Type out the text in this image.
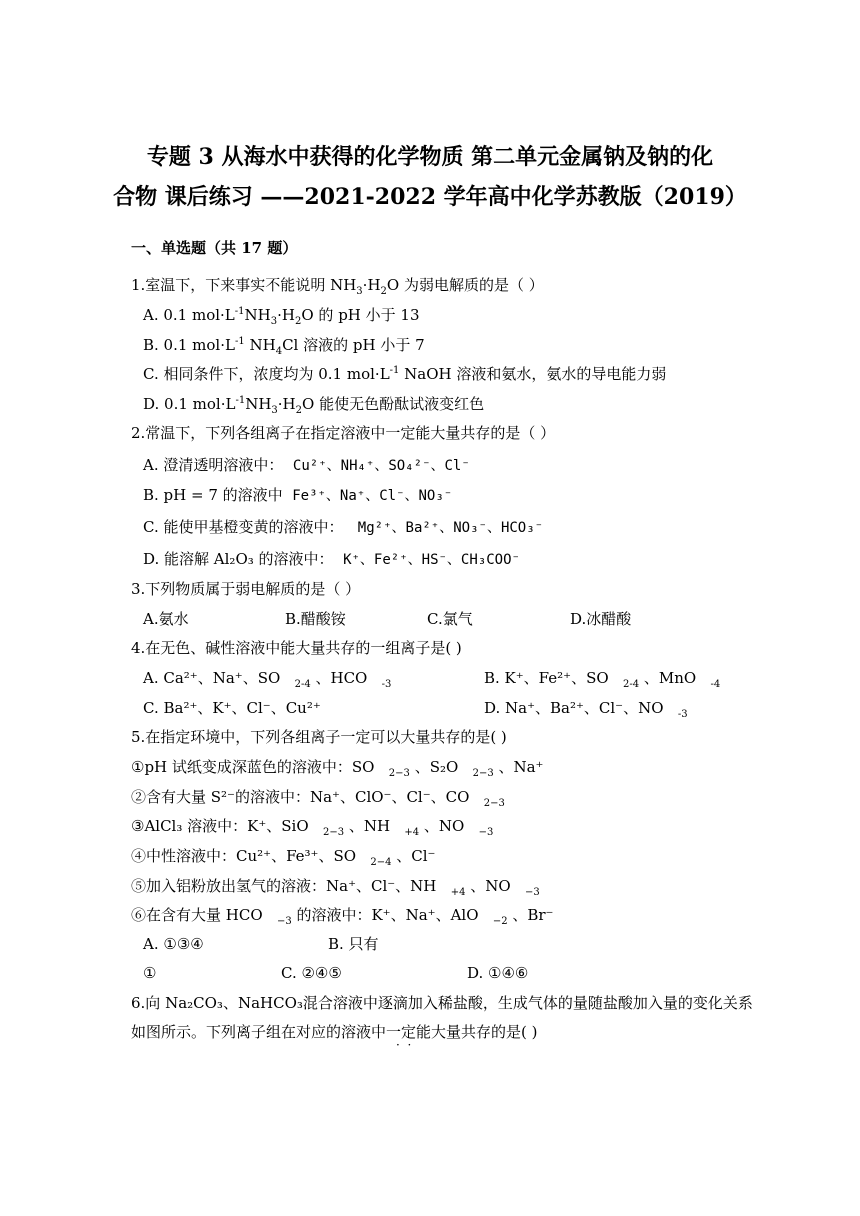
专题 3 从海水中获得的化学物质 第二单元金属钠及钠的化
合物 课后练习 ——2021-2022 学年高中化学苏教版（2019）
一、单选题（共 17 题）
1.室温下，下来事实不能说明 $NH_3\cdot H_2O$ 为弱电解质的是（ ）
A. 0.1 $mol\cdot L^{-1}NH_3\cdot H_2O$ 的 pH 小于 13
B. 0.1 $mol\cdot L^{-1}$ $NH_4Cl$ 溶液的 pH 小于 7
C. 相同条件下，浓度均为 0.1 $mol\cdot L^{-1}$ NaOH 溶液和氨水，氨水的导电能力弱
D. 0.1 $mol\cdot L^{-1}NH_3\cdot H_2O$ 能使无色酚酞试液变红色
2.常温下，下列各组离子在指定溶液中一定能大量共存的是（ ）
A. 澄清透明溶液中： Cu²⁺、NH₄⁺、SO₄²⁻、Cl⁻
B. pH = 7 的溶液中 Fe³⁺、Na⁺、Cl⁻、NO₃⁻
C. 能使甲基橙变黄的溶液中： Mg²⁺、Ba²⁺、NO₃⁻、HCO₃⁻
D. 能溶解 Al₂O₃ 的溶液中： K⁺、Fe²⁺、HS⁻、CH₃COO⁻
3.下列物质属于弱电解质的是（ ）
A.氨水	B.醋酸铵	C.氯气	D.冰醋酸
4.在无色、碱性溶液中能大量共存的一组离子是( )
A. Ca²⁺、Na⁺、SO $_{2-4}$ 、HCO $_{-3}$	B. K⁺、Fe²⁺、SO $_{2-4}$ 、MnO $_{-4}$
C. Ba²⁺、K⁺、Cl⁻、Cu²⁺	D. Na⁺、Ba²⁺、Cl⁻、NO $_{-3}$
5.在指定环境中，下列各组离子一定可以大量共存的是( )
①pH 试纸变成深蓝色的溶液中：SO $_{2-3}$ 、S₂O $_{2-3}$ 、Na⁺
②含有大量 S²⁻的溶液中：Na⁺、ClO⁻、Cl⁻、CO $_{2-3}$
③AlCl₃ 溶液中：K⁺、SiO $_{2-3}$ 、NH $_{+4}$ 、NO $_{-3}$
④中性溶液中：Cu²⁺、Fe³⁺、SO $_{2-4}$ 、Cl⁻
⑤加入铝粉放出氢气的溶液：Na⁺、Cl⁻、NH $_{+4}$ 、NO $_{-3}$
⑥在含有大量 HCO $_{-3}$ 的溶液中：K⁺、Na⁺、AlO $_{-2}$ 、Br⁻
A. ①③④	B. 只有
①	C. ②④⑤	D. ①④⑥
6.向 Na₂CO₃、NaHCO₃混合溶液中逐滴加入稀盐酸，生成气体的量随盐酸加入量的变化关系
如图所示。下列离子组在对应的溶液中一定能大量共存的是( )
·  ·
